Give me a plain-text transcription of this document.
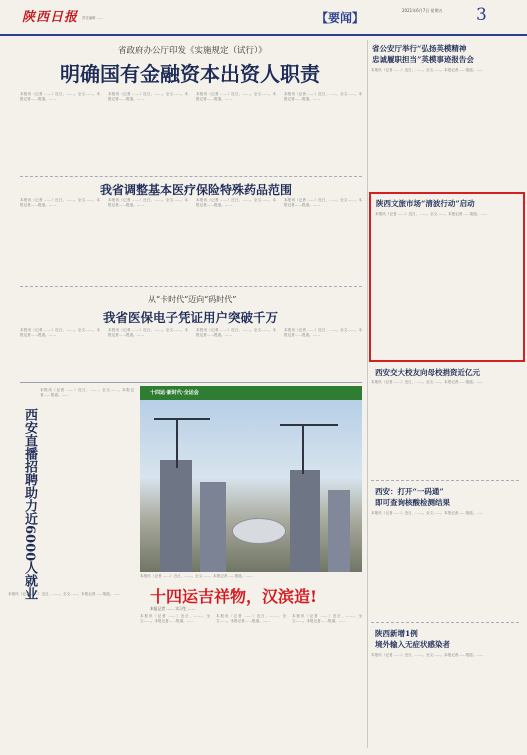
陕西日报 责任编辑 ……	【要闻】
2021年6月7日 星期五 3
省政府办公厅印发《实施规定（试行）》
明确国有金融资本出资人职责
本报讯（记者 ……）近日，……。全文……。本报记者……报道。……
本报讯（记者 ……）近日，……。全文……。本报记者……报道。……
本报讯（记者 ……）近日，……。全文……。本报记者……报道。……
本报讯（记者 ……）近日，……。全文……。本报记者……报道。……
我省调整基本医疗保险特殊药品范围
本报讯（记者 ……）近日，……。全文……。本报记者……报道。……
本报讯（记者 ……）近日，……。全文……。本报记者……报道。……
本报讯（记者 ……）近日，……。全文……。本报记者……报道。……
本报讯（记者 ……）近日，……。全文……。本报记者……报道。……
从“卡时代”迈向“码时代”
我省医保电子凭证用户突破千万
本报讯（记者 ……）近日，……。全文……。本报记者……报道。……
本报讯（记者 ……）近日，……。全文……。本报记者……报道。……
本报讯（记者 ……）近日，……。全文……。本报记者……报道。……
本报讯（记者 ……）近日，……。全文……。本报记者……报道。……
西安直播招聘助力近6000人就业
本报讯（记者 ……）近日，……。全文……。本报记者……报道。……
本报讯（记者 ……）近日，……。全文……。本报记者……报道。……
十四运·新时代·全运会
本报讯（记者 ……）近日，……。全文……。本报记者……报道。……
十四运吉祥物，汉滨造!
本报记者 …… 实习生 ……
本报讯（记者 ……）近日，……。全文……。本报记者……报道。……
本报讯（记者 ……）近日，……。全文……。本报记者……报道。……
本报讯（记者 ……）近日，……。全文……。本报记者……报道。……
省公安厅举行“弘扬英模精神
忠诚履职担当”英模事迹报告会
本报讯（记者 ……）近日，……。全文……。本报记者……报道。……
陕西文旅市场“清波行动”启动
本报讯（记者 ……）近日，……。全文……。本报记者……报道。……
西安交大校友向母校捐资近亿元
本报讯（记者 ……）近日，……。全文……。本报记者……报道。……
西安：打开“一码通”
即可查询核酸检测结果
本报讯（记者 ……）近日，……。全文……。本报记者……报道。……
陕西新增1例
境外输入无症状感染者
本报讯（记者 ……）近日，……。全文……。本报记者……报道。……
